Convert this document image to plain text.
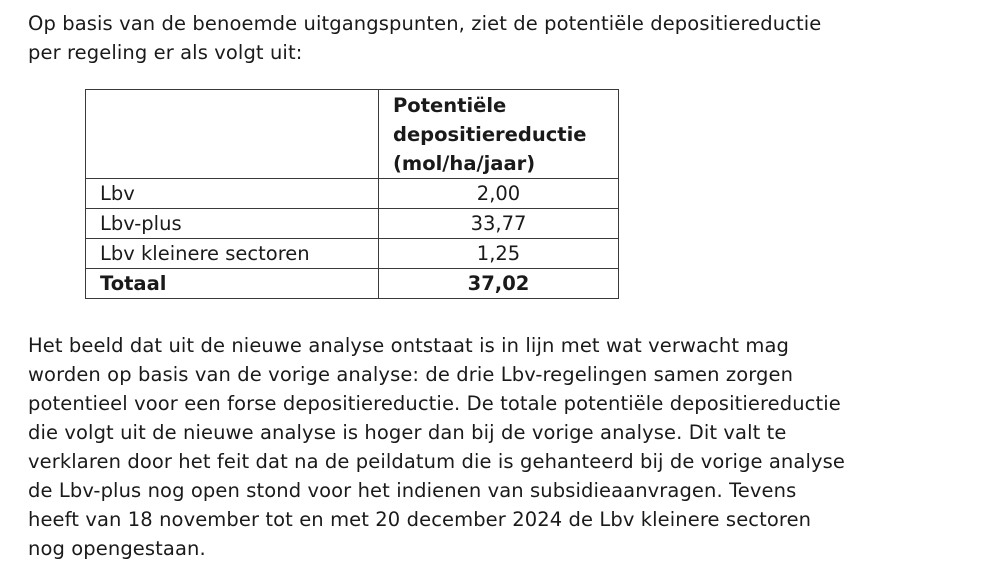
Op basis van de benoemde uitgangspunten, ziet de potentiële depositiereductie
per regeling er als volgt uit:

	Potentiële
depositiereductie
(mol/ha/jaar)

Lbv	2,00
Lbv-plus	33,77
Lbv kleinere sectoren	1,25
Totaal	37,02

Het beeld dat uit de nieuwe analyse ontstaat is in lijn met wat verwacht mag
worden op basis van de vorige analyse: de drie Lbv-regelingen samen zorgen
potentieel voor een forse depositiereductie. De totale potentiële depositiereductie
die volgt uit de nieuwe analyse is hoger dan bij de vorige analyse. Dit valt te
verklaren door het feit dat na de peildatum die is gehanteerd bij de vorige analyse
de Lbv-plus nog open stond voor het indienen van subsidieaanvragen. Tevens
heeft van 18 november tot en met 20 december 2024 de Lbv kleinere sectoren
nog opengestaan.
